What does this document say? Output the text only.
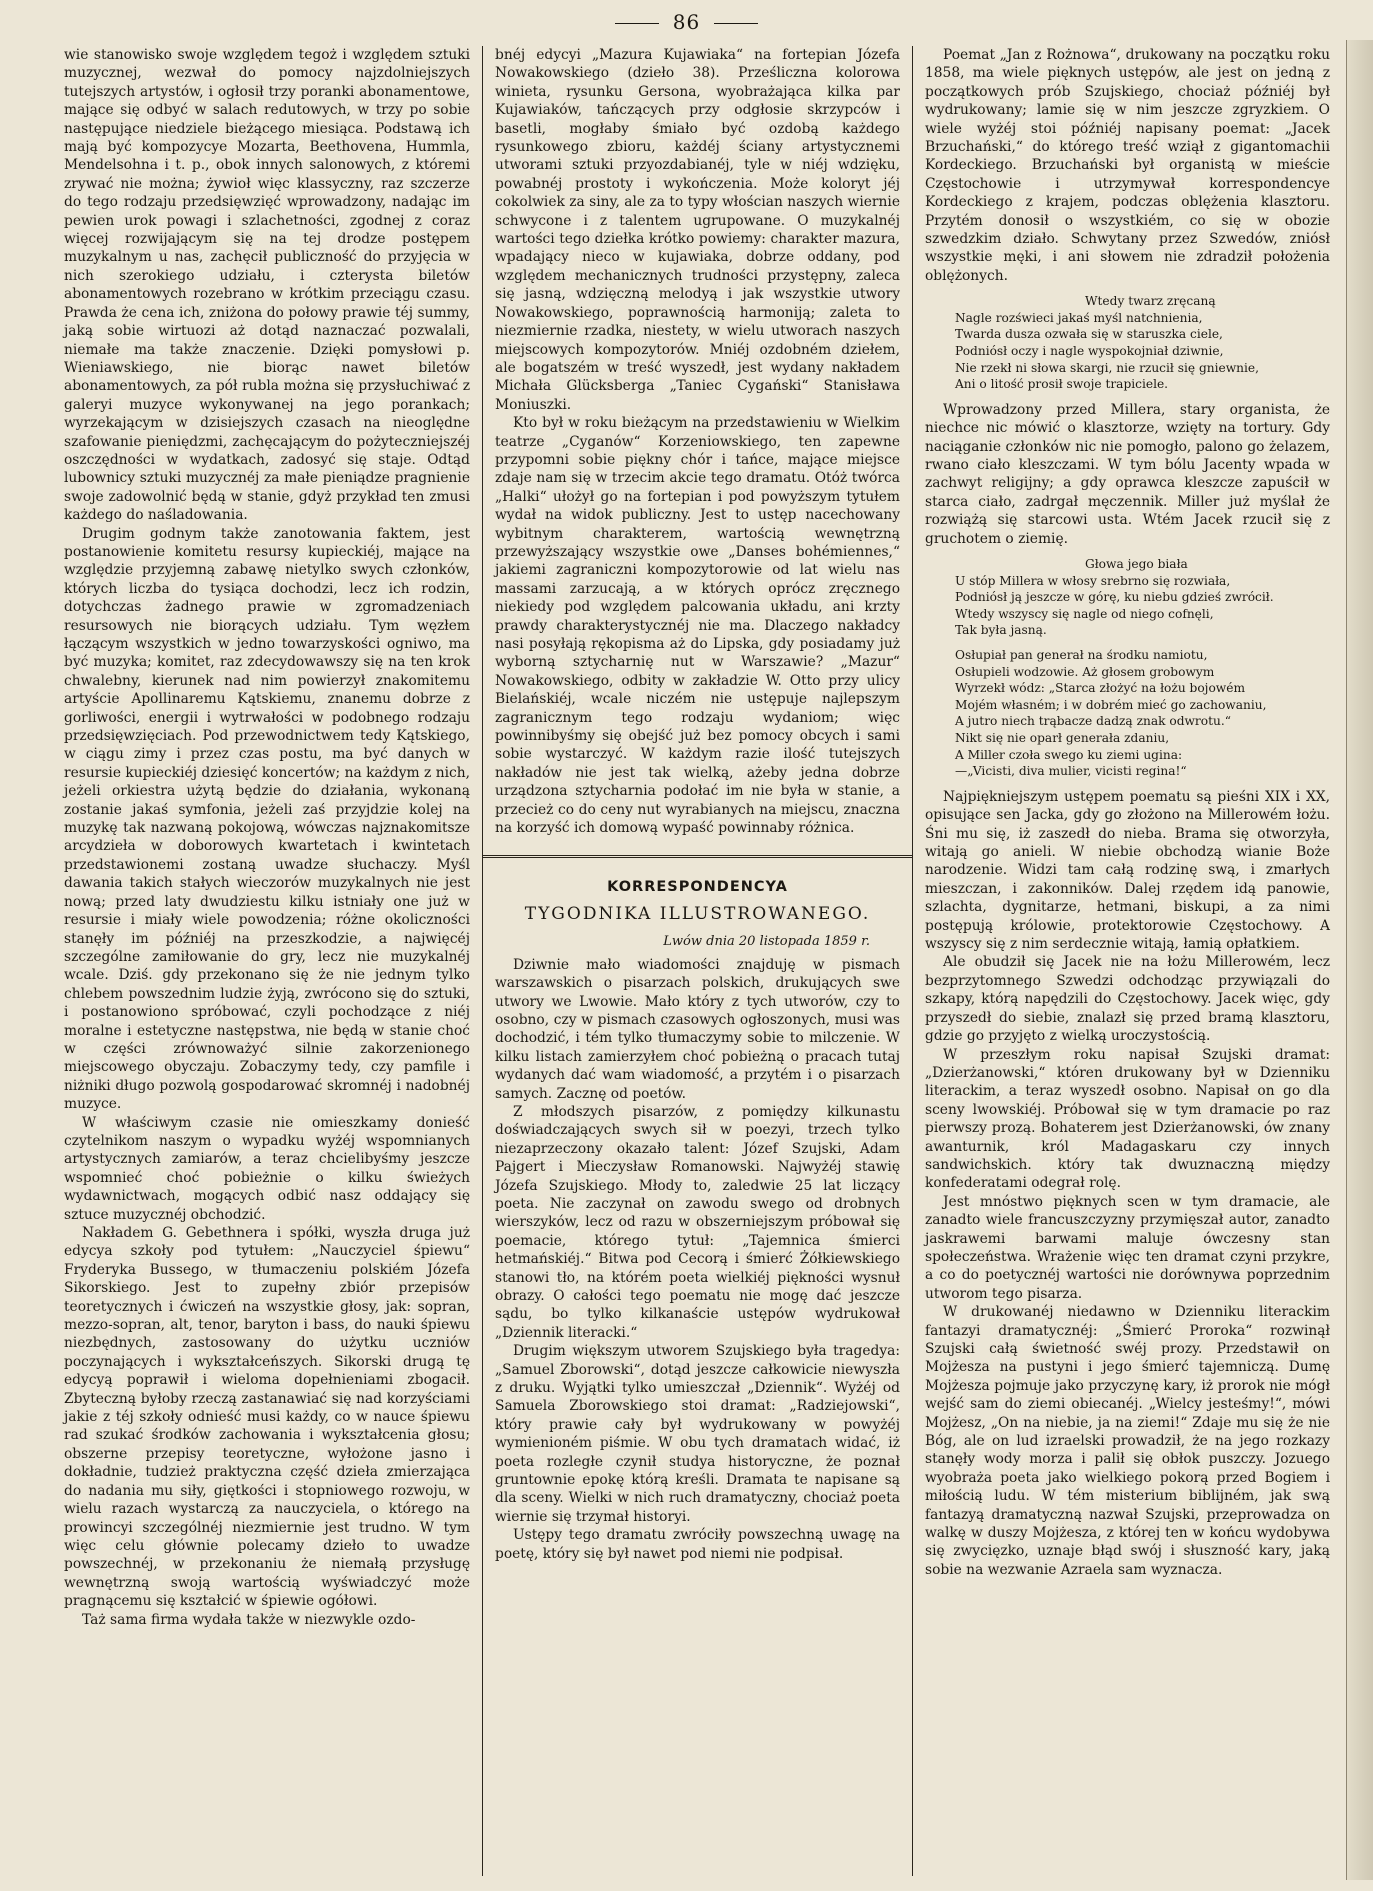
86

wie stanowisko swoje względem tegoż i względem sztuki muzycznej, wezwał do pomocy najzdolniejszych tutejszych artystów, i ogłosił trzy poranki abonamentowe, mające się odbyć w salach redutowych, w trzy po sobie następujące niedziele bieżącego miesiąca. Podstawą ich mają być kompozycye Mozarta, Beethovena, Hummla, Mendelsohna i t. p., obok innych salonowych, z któremi zrywać nie można; żywioł więc klassyczny, raz szczerze do tego rodzaju przedsięwzięć wprowadzony, nadając im pewien urok powagi i szlachetności, zgodnej z coraz więcej rozwijającym się na tej drodze postępem muzykalnym u nas, zachęcił publiczność do przyjęcia w nich szerokiego udziału, i czterysta biletów abonamentowych rozebrano w krótkim przeciągu czasu. Prawda że cena ich, zniżona do połowy prawie téj summy, jaką sobie wirtuozi aż dotąd naznaczać pozwalali, niemałe ma także znaczenie. Dzięki pomysłowi p. Wieniawskiego, nie biorąc nawet biletów abonamentowych, za pół rubla można się przysłuchiwać z galeryi muzyce wykonywanej na jego porankach; wyrzekającym w dzisiejszych czasach na nieoględne szafowanie pieniędzmi, zachęcającym do pożyteczniejszéj oszczędności w wydatkach, zadosyć się staje. Odtąd lubownicy sztuki muzycznéj za małe pieniądze pragnienie swoje zadowolnić będą w stanie, gdyż przykład ten zmusi każdego do naśladowania.

Drugim godnym także zanotowania faktem, jest postanowienie komitetu resursy kupieckiéj, mające na względzie przyjemną zabawę nietylko swych członków, których liczba do tysiąca dochodzi, lecz ich rodzin, dotychczas żadnego prawie w zgromadzeniach resursowych nie biorących udziału. Tym węzłem łączącym wszystkich w jedno towarzyskości ogniwo, ma być muzyka; komitet, raz zdecydowawszy się na ten krok chwalebny, kierunek nad nim powierzył znakomitemu artyście Apollinaremu Kątskiemu, znanemu dobrze z gorliwości, energii i wytrwałości w podobnego rodzaju przedsięwzięciach. Pod przewodnictwem tedy Kątskiego, w ciągu zimy i przez czas postu, ma być danych w resursie kupieckiéj dziesięć koncertów; na każdym z nich, jeżeli orkiestra użytą będzie do działania, wykonaną zostanie jakaś symfonia, jeżeli zaś przyjdzie kolej na muzykę tak nazwaną pokojową, wówczas najznakomitsze arcydzieła w doborowych kwartetach i kwintetach przedstawionemi zostaną uwadze słuchaczy. Myśl dawania takich stałych wieczorów muzykalnych nie jest nową; przed laty dwudziestu kilku istniały one już w resursie i miały wiele powodzenia; różne okoliczności stanęły im późniéj na przeszkodzie, a najwięcéj szczególne zamiłowanie do gry, lecz nie muzykalnéj wcale. Dziś. gdy przekonano się że nie jednym tylko chlebem powszednim ludzie żyją, zwrócono się do sztuki, i postanowiono spróbować, czyli pochodzące z niéj moralne i estetyczne następstwa, nie będą w stanie choć w części zrównoważyć silnie zakorzenionego miejscowego obyczaju. Zobaczymy tedy, czy pamfile i niżniki długo pozwolą gospodarować skromnéj i nadobnéj muzyce.

W właściwym czasie nie omieszkamy donieść czytelnikom naszym o wypadku wyżéj wspomnianych artystycznych zamiarów, a teraz chcielibyśmy jeszcze wspomnieć choć pobieżnie o kilku świeżych wydawnictwach, mogących odbić nasz oddający się sztuce muzycznéj obchodzić.

Nakładem G. Gebethnera i spółki, wyszła druga już edycya szkoły pod tytułem: „Nauczyciel śpiewu“ Fryderyka Bussego, w tłumaczeniu polskiém Józefa Sikorskiego. Jest to zupełny zbiór przepisów teoretycznych i ćwiczeń na wszystkie głosy, jak: sopran, mezzo-sopran, alt, tenor, baryton i bass, do nauki śpiewu niezbędnych, zastosowany do użytku uczniów poczynających i wykształceńszych. Sikorski drugą tę edycyą poprawił i wieloma dopełnieniami zbogacił. Zbyteczną byłoby rzeczą zastanawiać się nad korzyściami jakie z téj szkoły odnieść musi każdy, co w nauce śpiewu rad szukać środków zachowania i wykształcenia głosu; obszerne przepisy teoretyczne, wyłożone jasno i dokładnie, tudzież praktyczna część dzieła zmierzająca do nadania mu siły, giętkości i stopniowego rozwoju, w wielu razach wystarczą za nauczyciela, o którego na prowincyi szczególnéj niezmiernie jest trudno. W tym więc celu głównie polecamy dzieło to uwadze powszechnéj, w przekonaniu że niemałą przysługę wewnętrzną swoją wartością wyświadczyć może pragnącemu się kształcić w śpiewie ogółowi.

Taż sama firma wydała także w niezwykle ozdo-

bnéj edycyi „Mazura Kujawiaka“ na fortepian Józefa Nowakowskiego (dzieło 38). Prześliczna kolorowa winieta, rysunku Gersona, wyobrażająca kilka par Kujawiaków, tańczących przy odgłosie skrzypców i basetli, mogłaby śmiało być ozdobą każdego rysunkowego zbioru, każdéj ściany artystycznemi utworami sztuki przyozdabianéj, tyle w niéj wdzięku, powabnéj prostoty i wykończenia. Może koloryt jéj cokolwiek za siny, ale za to typy włościan naszych wiernie schwycone i z talentem ugrupowane. O muzykalnéj wartości tego dziełka krótko powiemy: charakter mazura, wpadający nieco w kujawiaka, dobrze oddany, pod względem mechanicznych trudności przystępny, zaleca się jasną, wdzięczną melodyą i jak wszystkie utwory Nowakowskiego, poprawnością harmoniją; zaleta to niezmiernie rzadka, niestety, w wielu utworach naszych miejscowych kompozytorów. Mniéj ozdobném dziełem, ale bogatszém w treść wyszedł, jest wydany nakładem Michała Glücksberga „Taniec Cygański“ Stanisława Moniuszki.

Kto był w roku bieżącym na przedstawieniu w Wielkim teatrze „Cyganów“ Korzeniowskiego, ten zapewne przypomni sobie piękny chór i tańce, mające miejsce zdaje nam się w trzecim akcie tego dramatu. Otóż twórca „Halki“ ułożył go na fortepian i pod powyższym tytułem wydał na widok publiczny. Jest to ustęp nacechowany wybitnym charakterem, wartością wewnętrzną przewyższający wszystkie owe „Danses bohémiennes,“ jakiemi zagraniczni kompozytorowie od lat wielu nas massami zarzucają, a w których oprócz zręcznego niekiedy pod względem palcowania układu, ani krzty prawdy charakterystycznéj nie ma. Dlaczego nakładcy nasi posyłają rękopisma aż do Lipska, gdy posiadamy już wyborną sztycharnię nut w Warszawie? „Mazur“ Nowakowskiego, odbity w zakładzie W. Otto przy ulicy Bielańskiéj, wcale niczém nie ustępuje najlepszym zagranicznym tego rodzaju wydaniom; więc powinnibyśmy się obejść już bez pomocy obcych i sami sobie wystarczyć. W każdym razie ilość tutejszych nakładów nie jest tak wielką, ażeby jedna dobrze urządzona sztycharnia podołać im nie była w stanie, a przecież co do ceny nut wyrabianych na miejscu, znaczna na korzyść ich domową wypaść powinnaby różnica.

KORRESPONDENCYA
TYGODNIKA ILLUSTROWANEGO.
Lwów dnia 20 listopada 1859 r.

Dziwnie mało wiadomości znajduję w pismach warszawskich o pisarzach polskich, drukujących swe utwory we Lwowie. Mało który z tych utworów, czy to osobno, czy w pismach czasowych ogłoszonych, musi was dochodzić, i tém tylko tłumaczymy sobie to milczenie. W kilku listach zamierzyłem choć pobieżną o pracach tutaj wydanych dać wam wiadomość, a przytém i o pisarzach samych. Zacznę od poetów.

Z młodszych pisarzów, z pomiędzy kilkunastu doświadczających swych sił w poezyi, trzech tylko niezaprzeczony okazało talent: Józef Szujski, Adam Pajgert i Mieczysław Romanowski. Najwyżéj stawię Józefa Szujskiego. Młody to, zaledwie 25 lat liczący poeta. Nie zaczynał on zawodu swego od drobnych wierszyków, lecz od razu w obszerniejszym próbował się poemacie, którego tytuł: „Tajemnica śmierci hetmańskiéj.“ Bitwa pod Cecorą i śmierć Żółkiewskiego stanowi tło, na którém poeta wielkiéj piękności wysnuł obrazy. O całości tego poematu nie mogę dać jeszcze sądu, bo tylko kilkanaście ustępów wydrukował „Dziennik literacki.“

Drugim większym utworem Szujskiego była tragedya: „Samuel Zborowski“, dotąd jeszcze całkowicie niewyszła z druku. Wyjątki tylko umieszczał „Dziennik“. Wyżéj od Samuela Zborowskiego stoi dramat: „Radziejowski“, który prawie cały był wydrukowany w powyżéj wymienioném piśmie. W obu tych dramatach widać, iż poeta rozległe czynił studya historyczne, że poznał gruntownie epokę którą kreśli. Dramata te napisane są dla sceny. Wielki w nich ruch dramatyczny, chociaż poeta wiernie się trzymał historyi.

Ustępy tego dramatu zwróciły powszechną uwagę na poetę, który się był nawet pod niemi nie podpisał.

Poemat „Jan z Rożnowa“, drukowany na początku roku 1858, ma wiele pięknych ustępów, ale jest on jedną z początkowych prób Szujskiego, chociaż późniéj był wydrukowany; lamie się w nim jeszcze zgryzkiem. O wiele wyżéj stoi późniéj napisany poemat: „Jacek Brzuchański,“ do którego treść wziął z gigantomachii Kordeckiego. Brzuchański był organistą w mieście Częstochowie i utrzymywał korrespondencye Kordeckiego z krajem, podczas oblężenia klasztoru. Przytém donosił o wszystkiém, co się w obozie szwedzkim działo. Schwytany przez Szwedów, zniósł wszystkie męki, i ani słowem nie zdradził położenia oblężonych.

Wtedy twarz zręcaną
Nagle rozświeci jakaś myśl natchnienia,
Twarda dusza ozwała się w staruszka ciele,
Podniósł oczy i nagle wyspokojniał dziwnie,
Nie rzekł ni słowa skargi, nie rzucił się gniewnie,
Ani o litość prosił swoje trapiciele.

Wprowadzony przed Millera, stary organista, że niechce nic mówić o klasztorze, wzięty na tortury. Gdy naciąganie członków nic nie pomogło, palono go żelazem, rwano ciało kleszczami. W tym bólu Jacenty wpada w zachwyt religijny; a gdy oprawca kleszcze zapuścił w starca ciało, zadrgał męczennik. Miller już myślał że rozwiążą się starcowi usta. Wtém Jacek rzucił się z gruchotem o ziemię.

Głowa jego biała
U stóp Millera w włosy srebrno się rozwiała,
Podniósł ją jeszcze w górę, ku niebu gdzieś zwrócił.
Wtedy wszyscy się nagle od niego cofnęli,
Tak była jasną.
Osłupiał pan generał na środku namiotu,
Osłupieli wodzowie. Aż głosem grobowym
Wyrzekł wódz: „Starca złożyć na łożu bojowém
Mojém własném; i w dobrém mieć go zachowaniu,
A jutro niech trąbacze dadzą znak odwrotu.“
Nikt się nie oparł generała zdaniu,
A Miller czoła swego ku ziemi ugina:
—„Vicisti, diva mulier, vicisti regina!“

Najpiękniejszym ustępem poematu są pieśni XIX i XX, opisujące sen Jacka, gdy go złożono na Millerowém łożu. Śni mu się, iż zaszedł do nieba. Brama się otworzyła, witają go anieli. W niebie obchodzą wianie Boże narodzenie. Widzi tam całą rodzinę swą, i zmarłych mieszczan, i zakonników. Dalej rzędem idą panowie, szlachta, dygnitarze, hetmani, biskupi, a za nimi postępują królowie, protektorowie Częstochowy. A wszyscy się z nim serdecznie witają, łamią opłatkiem.

Ale obudził się Jacek nie na łożu Millerowém, lecz bezprzytomnego Szwedzi odchodząc przywiązali do szkapy, którą napędzili do Częstochowy. Jacek więc, gdy przyszedł do siebie, znalazł się przed bramą klasztoru, gdzie go przyjęto z wielką uroczystością.

W przeszłym roku napisał Szujski dramat: „Dzierżanowski,“ któren drukowany był w Dzienniku literackim, a teraz wyszedł osobno. Napisał on go dla sceny lwowskiéj. Próbował się w tym dramacie po raz pierwszy prozą. Bohaterem jest Dzierżanowski, ów znany awanturnik, król Madagaskaru czy innych sandwichskich. który tak dwuznaczną między konfederatami odegrał rolę.

Jest mnóstwo pięknych scen w tym dramacie, ale zanadto wiele francuszczyzny przymięszał autor, zanadto jaskrawemi barwami maluje ówczesny stan społeczeństwa. Wrażenie więc ten dramat czyni przykre, a co do poetycznéj wartości nie dorównywa poprzednim utworom tego pisarza.

W drukowanéj niedawno w Dzienniku literackim fantazyi dramatycznéj: „Śmierć Proroka“ rozwinął Szujski całą świetność swéj prozy. Przedstawił on Mojżesza na pustyni i jego śmierć tajemniczą. Dumę Mojżesza pojmuje jako przyczynę kary, iż prorok nie mógł wejść sam do ziemi obiecanéj. „Wielcy jesteśmy!“, mówi Mojżesz, „On na niebie, ja na ziemi!“ Zdaje mu się że nie Bóg, ale on lud izraelski prowadził, że na jego rozkazy stanęły wody morza i palił się obłok puszczy. Jozuego wyobraża poeta jako wielkiego pokorą przed Bogiem i miłością ludu. W tém misterium biblijném, jak swą fantazyą dramatyczną nazwał Szujski, przeprowadza on walkę w duszy Mojżesza, z której ten w końcu wydobywa się zwycięzko, uznaje błąd swój i słuszność kary, jaką sobie na wezwanie Azraela sam wyznacza.
